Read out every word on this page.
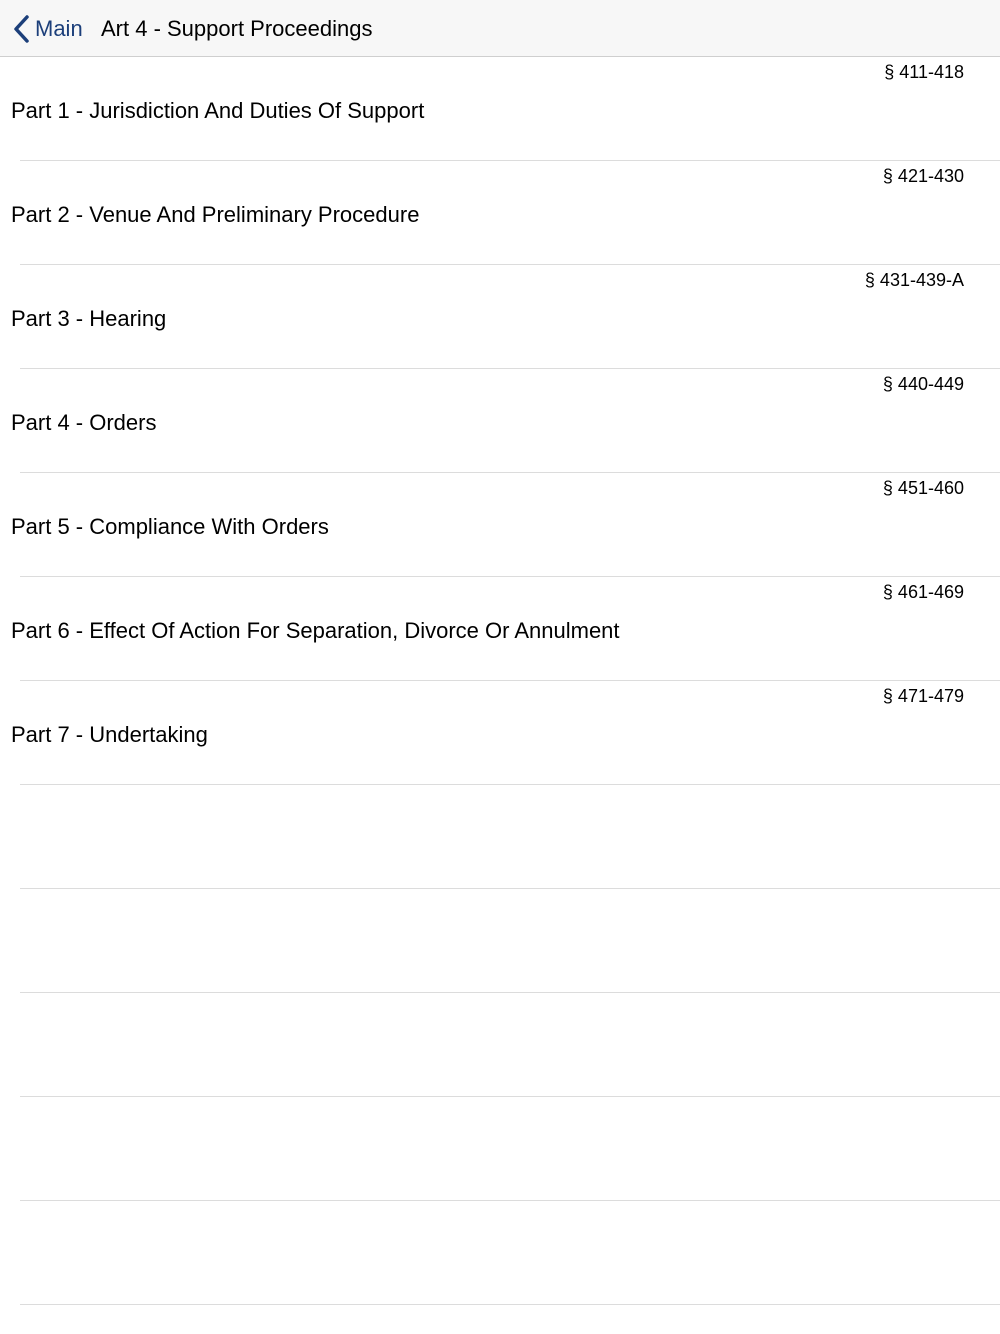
Main Art 4 - Support Proceedings
§ 411-418
Part 1 - Jurisdiction And Duties Of Support
§ 421-430
Part 2 - Venue And Preliminary Procedure
§ 431-439-A
Part 3 - Hearing
§ 440-449
Part 4 - Orders
§ 451-460
Part 5 - Compliance With Orders
§ 461-469
Part 6 - Effect Of Action For Separation, Divorce Or Annulment
§ 471-479
Part 7 - Undertaking
